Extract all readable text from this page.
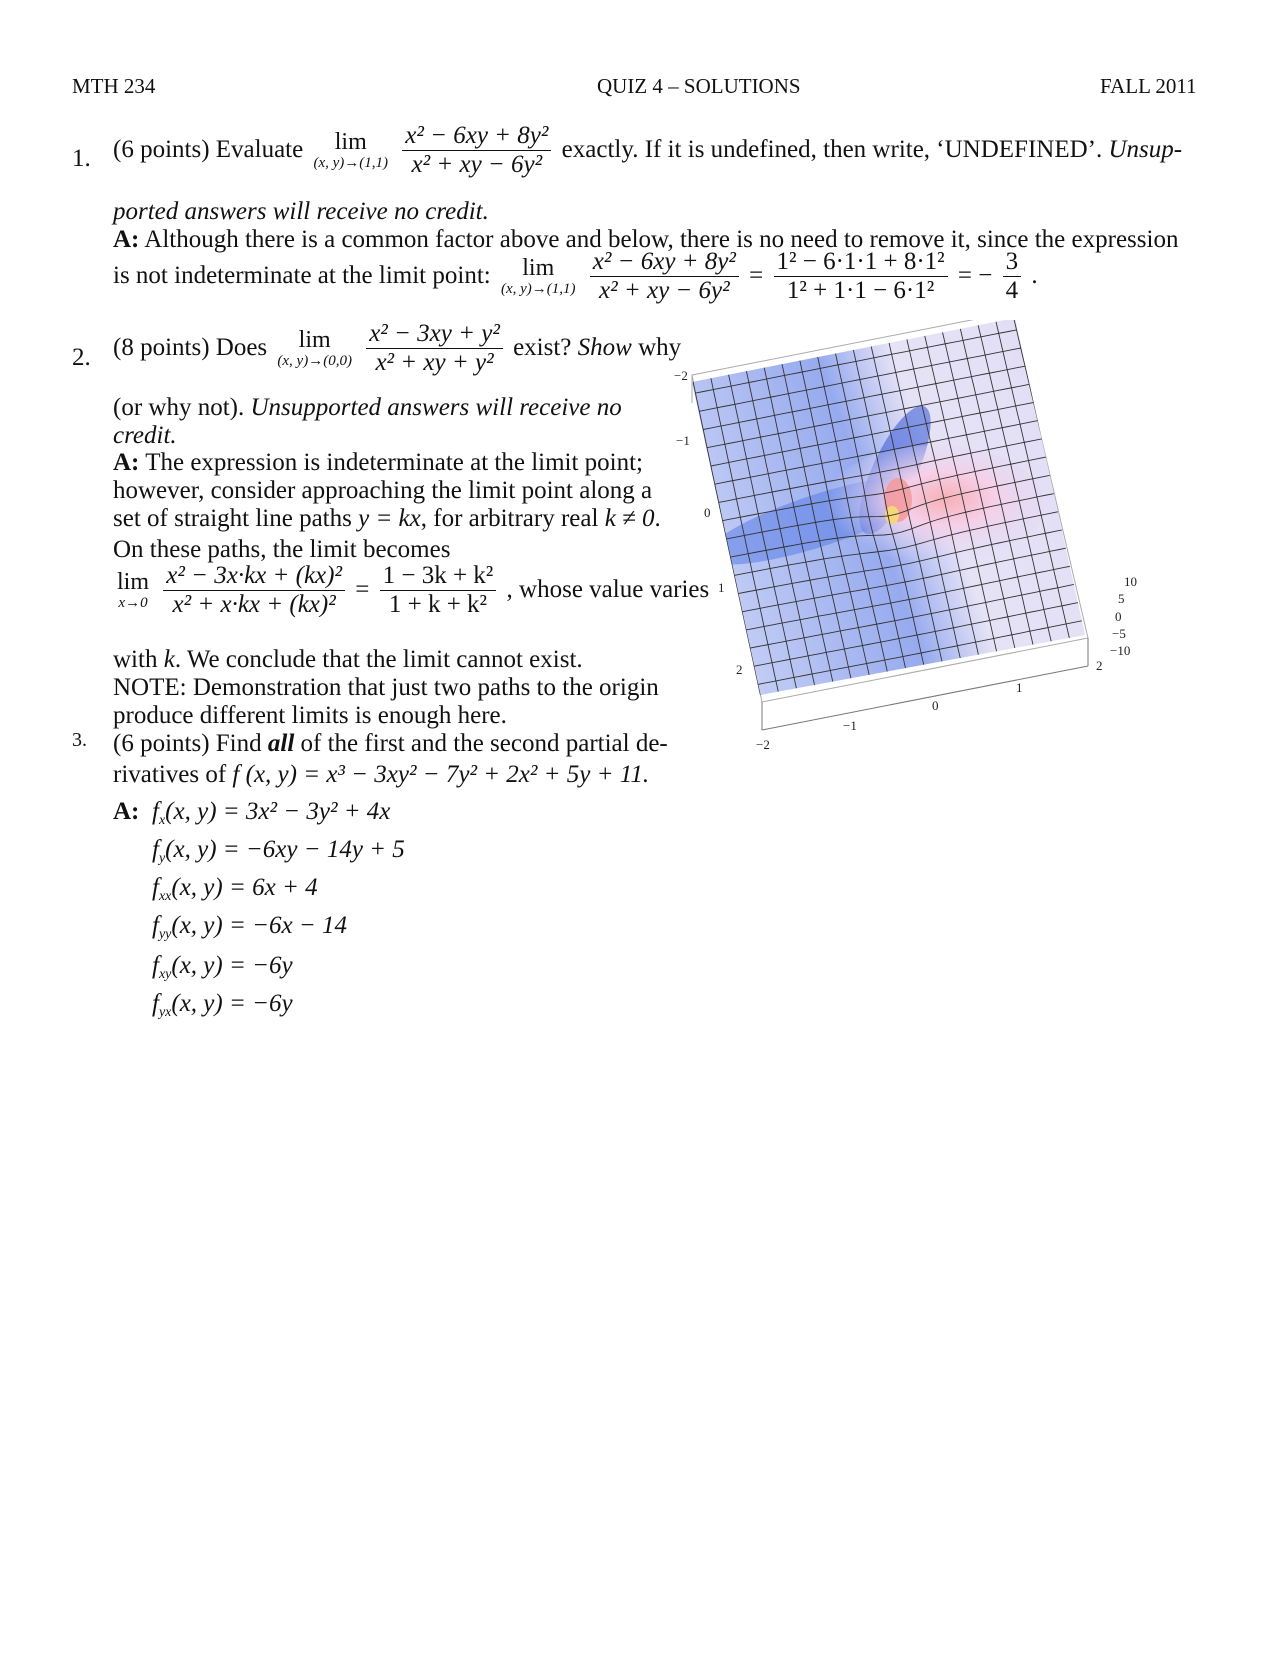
MTH 234	QUIZ 4 – SOLUTIONS	FALL 2011
1. (6 points) Evaluate	lim
(x, y)→(1,1)
$\frac{\text{x² − 6xy + 8y²}}{\text{x² + xy − 6y²}}$ exactly. If it is undefined, then write, ‘UNDEFINED’. Unsup-
ported answers will receive no credit.
A: Although there is a common factor above and below, there is no need to remove it, since the expression
is not indeterminate at the limit point:	lim
(x, y)→(1,1)
$\frac{\text{x² − 6xy + 8y²}}{\text{x² + xy − 6y²}} = \frac{\text{1² − 6·1·1 + 8·1²}}{\text{1² + 1·1 − 6·1²}}$ = − $\frac{3}{4}$ .
2. (8 points) Does	lim
(x, y)→(0,0)
$\frac{\text{x² − 3xy + y²}}{\text{x² + xy + y²}}$ exist? Show why
(or why not). Unsupported answers will receive no
credit.
A: The expression is indeterminate at the limit point;
however, consider approaching the limit point along a
set of straight line paths y = kx, for arbitrary real k ≠ 0.
On these paths, the limit becomes
lim
x→0
$\frac{\text{x² − 3x·kx + (kx)²}}{\text{x² + x·kx + (kx)²}} = \frac{\text{1 − 3k + k²}}{\text{1 + k + k²}}$ , whose value varies
with k. We conclude that the limit cannot exist.
NOTE: Demonstration that just two paths to the origin
produce different limits is enough here.
3. (6 points) Find all of the first and the second partial de-
rivatives of f (x, y) = x³ − 3xy² − 7y² + 2x² + 5y + 11.
A: $f_x(x$, y) = 3x² − 3y² + 4x
$f_y(x$, y) = −6xy − 14y + 5
$f_{xx}(x$, y) = 6x + 4
$f_{yy}(x$, y) = −6x − 14
$f_{xy}(x$, y) = −6y
$f_{yx}(x$, y) = −6y
−2
−1
0
1
2
−2
−1
0
1
2
10
5
0
−5
−10
